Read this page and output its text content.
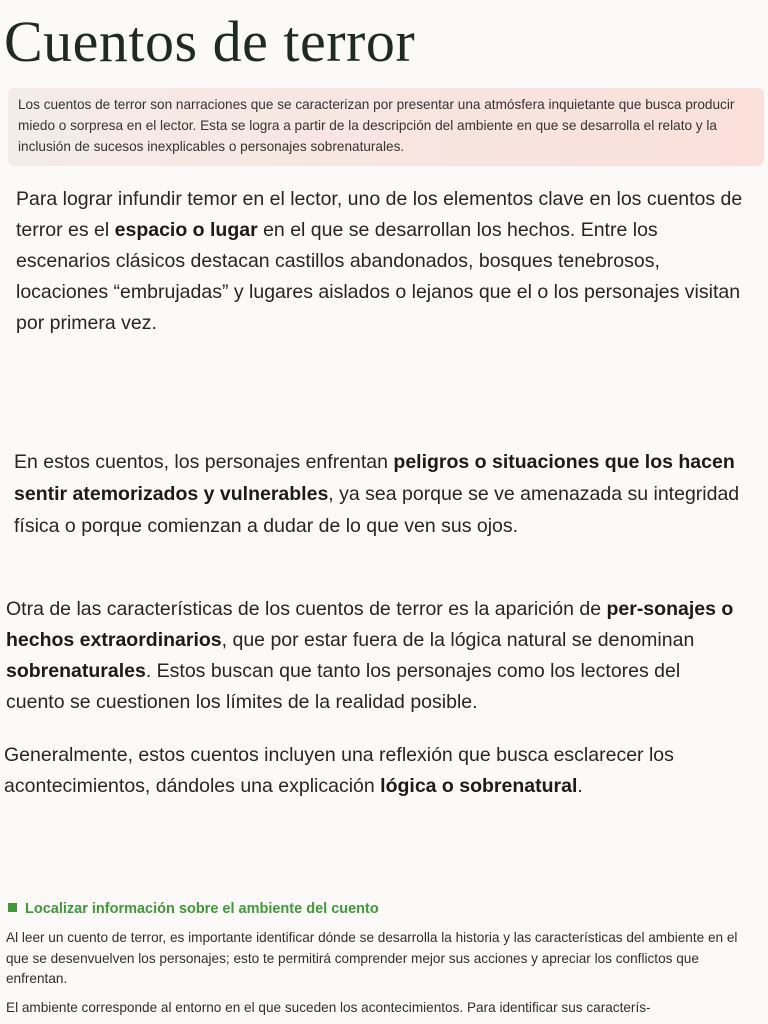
Cuentos de terror

Los cuentos de terror son narraciones que se caracterizan por presentar una atmósfera inquietante que busca producir miedo o sorpresa en el lector. Esta se logra a partir de la descripción del ambiente en que se desarrolla el relato y la inclusión de sucesos inexplicables o personajes sobrenaturales.

Para lograr infundir temor en el lector, uno de los elementos clave en los cuentos de terror es el espacio o lugar en el que se desarrollan los hechos. Entre los escenarios clásicos destacan castillos abandonados, bosques tenebrosos, locaciones “embrujadas” y lugares aislados o lejanos que el o los personajes visitan por primera vez.

En estos cuentos, los personajes enfrentan peligros o situaciones que los hacen sentir atemorizados y vulnerables, ya sea porque se ve amenazada su integridad física o porque comienzan a dudar de lo que ven sus ojos.

Otra de las características de los cuentos de terror es la aparición de per-sonajes o hechos extraordinarios, que por estar fuera de la lógica natural se denominan sobrenaturales. Estos buscan que tanto los personajes como los lectores del cuento se cuestionen los límites de la realidad posible.

Generalmente, estos cuentos incluyen una reflexión que busca esclarecer los acontecimientos, dándoles una explicación lógica o sobrenatural.

Localizar información sobre el ambiente del cuento

Al leer un cuento de terror, es importante identificar dónde se desarrolla la historia y las características del ambiente en el que se desenvuelven los personajes; esto te permitirá comprender mejor sus acciones y apreciar los conflictos que enfrentan.

El ambiente corresponde al entorno en el que suceden los acontecimientos. Para identificar sus caracterís-
